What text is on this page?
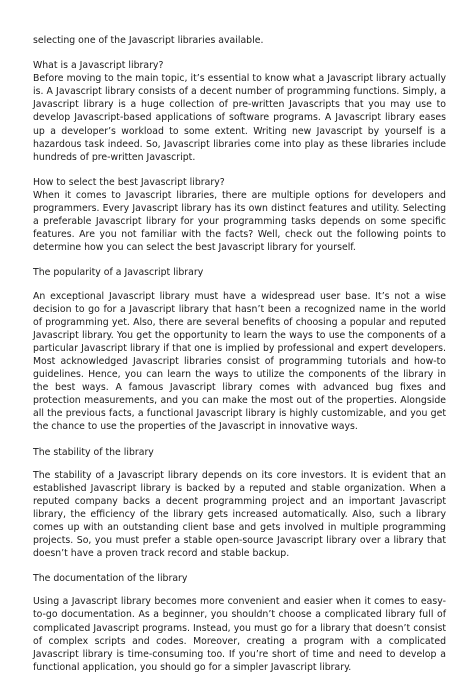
selecting one of the Javascript libraries available.

What is a Javascript library?

Before moving to the main topic, it’s essential to know what a Javascript library actually is. A Javascript library consists of a decent number of programming functions. Simply, a Javascript library is a huge collection of pre-written Javascripts that you may use to develop Javascript-based applications of software programs. A Javascript library eases up a developer’s workload to some extent. Writing new Javascript by yourself is a hazardous task indeed. So, Javascript libraries come into play as these libraries include hundreds of pre-written Javascript.

How to select the best Javascript library?

When it comes to Javascript libraries, there are multiple options for developers and programmers. Every Javascript library has its own distinct features and utility. Selecting a preferable Javascript library for your programming tasks depends on some specific features. Are you not familiar with the facts? Well, check out the following points to determine how you can select the best Javascript library for yourself.

The popularity of a Javascript library

An exceptional Javascript library must have a widespread user base. It’s not a wise decision to go for a Javascript library that hasn’t been a recognized name in the world of programming yet. Also, there are several benefits of choosing a popular and reputed Javascript library. You get the opportunity to learn the ways to use the components of a particular Javascript library if that one is implied by professional and expert developers. Most acknowledged Javascript libraries consist of programming tutorials and how-to guidelines. Hence, you can learn the ways to utilize the components of the library in the best ways. A famous Javascript library comes with advanced bug fixes and protection measurements, and you can make the most out of the properties. Alongside all the previous facts, a functional Javascript library is highly customizable, and you get the chance to use the properties of the Javascript in innovative ways.

The stability of the library

The stability of a Javascript library depends on its core investors. It is evident that an established Javascript library is backed by a reputed and stable organization. When a reputed company backs a decent programming project and an important Javascript library, the efficiency of the library gets increased automatically. Also, such a library comes up with an outstanding client base and gets involved in multiple programming projects. So, you must prefer a stable open-source Javascript library over a library that doesn’t have a proven track record and stable backup.

The documentation of the library

Using a Javascript library becomes more convenient and easier when it comes to easy-to-go documentation. As a beginner, you shouldn’t choose a complicated library full of complicated Javascript programs. Instead, you must go for a library that doesn’t consist of complex scripts and codes. Moreover, creating a program with a complicated Javascript library is time-consuming too. If you’re short of time and need to develop a functional application, you should go for a simpler Javascript library.
